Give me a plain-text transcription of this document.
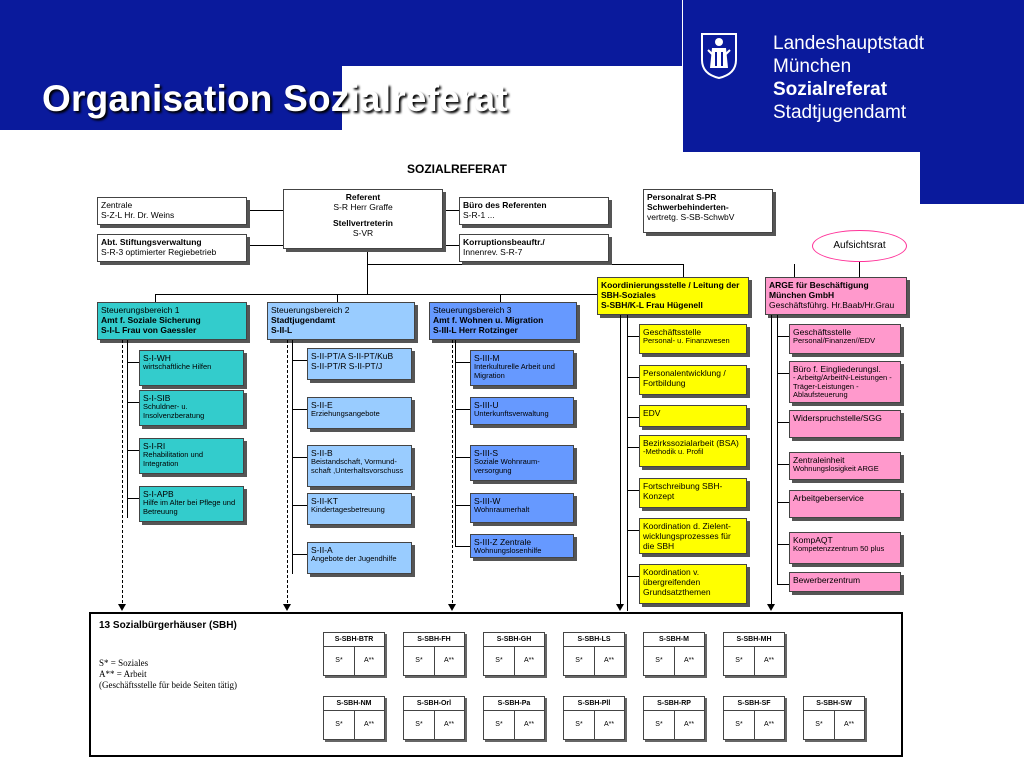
Organisation Sozialreferat
Landeshauptstadt
München
Sozialreferat
Stadtjugendamt
SOZIALREFERAT
Zentrale
S-Z-L Hr. Dr. Weins
Abt. Stiftungsverwaltung
S-R-3 optimierter Regiebetrieb
Referent
S-R Herr Graffe
Stellvertreterin
S-VR
Büro des Referenten
S-R-1 ...
Korruptionsbeauftr./
Innenrev. S-R-7
Personalrat S-PR
Schwerbehinderten-
vertretg. S-SB-SchwbV
Aufsichtsrat
Steuerungsbereich 1
Amt f. Soziale Sicherung
S-I-L Frau von Gaessler
Steuerungsbereich 2
Stadtjugendamt
S-II-L
Steuerungsbereich 3
Amt f. Wohnen u. Migration
S-III-L Herr Rotzinger
Koordinierungsstelle / Leitung der
SBH-Soziales
S-SBH/K-L Frau Hügenell
ARGE für Beschäftigung
München GmbH
Geschäftsführg. Hr.Baab/Hr.Grau
13 Sozialbürgerhäuser (SBH)
S* = Soziales
A** = Arbeit
(Geschäftsstelle für beide Seiten tätig)
S-SBH-BTR
S*	A**
S-SBH-FH
S*	A**
S-SBH-GH
S*	A**
S-SBH-LS
S*	A**
S-SBH-M
S*	A**
S-SBH-MH
S*	A**
S-SBH-NM
S*	A**
S-SBH-Orl
S*	A**
S-SBH-Pa
S*	A**
S-SBH-Pll
S*	A**
S-SBH-RP
S*	A**
S-SBH-SF
S*	A**
S-SBH-SW
S*	A**
S-I-WH
wirtschaftliche Hilfen
S-I-SIB
Schuldner- u. Insolvenzberatung
S-I-RI
Rehabilitation und Integration
S-I-APB
Hilfe im Alter bei Pflege und Betreuung
S-II-PT/A S-II-PT/KuB
S-II-PT/R S-II-PT/J
S-II-E
Erziehungsangebote
S-II-B
Beistandschaft, Vormund-schaft ,Unterhaltsvorschuss
S-II-KT
Kindertagesbetreuung
S-II-A
Angebote der Jugendhilfe
S-III-M
Interkulturelle Arbeit und Migration
S-III-U
Unterkunftsverwaltung
S-III-S
Soziale Wohnraum-versorgung
S-III-W
Wohnraumerhalt
S-III-Z Zentrale
Wohnungslosenhilfe
Geschäftsstelle
Personal- u. Finanzwesen
Personalentwicklung /
Fortbildung
EDV
Bezirkssozialarbeit (BSA)
-Methodik u. Profil
Fortschreibung SBH-
Konzept
Koordination d. Zielent-
wicklungsprozesses für die SBH
Koordination v.
übergreifenden Grundsatzthemen
Geschäftsstelle
Personal/Finanzen//EDV
Büro f. Eingliederungsl.
- Arbeitg/ArbeitN-Leistungen - Träger-Leistungen - Ablaufsteuerung
Widerspruchstelle/SGG
Zentraleinheit
Wohnungslosigkeit ARGE
Arbeitgeberservice
KompAQT
Kompetenzzentrum 50 plus
Bewerberzentrum
